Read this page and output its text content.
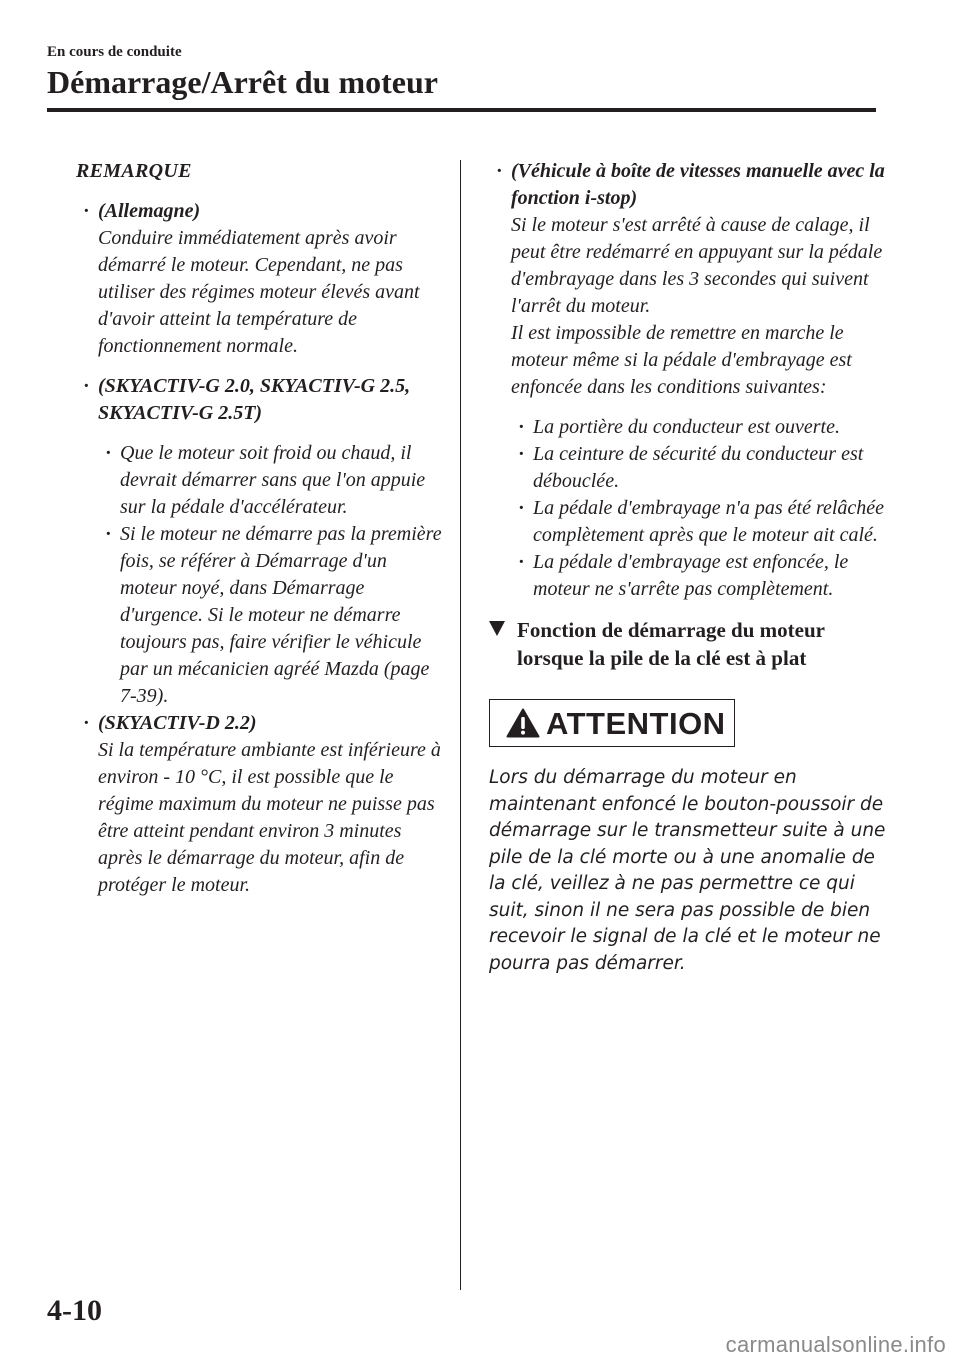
En cours de conduite
Démarrage/Arrêt du moteur
REMARQUE
· (Allemagne)
Conduire immédiatement après avoir démarré le moteur. Cependant, ne pas utiliser des régimes moteur élevés avant d'avoir atteint la température de fonctionnement normale.
· (SKYACTIV-G 2.0, SKYACTIV-G 2.5, SKYACTIV-G 2.5T)
· Que le moteur soit froid ou chaud, il devrait démarrer sans que l'on appuie sur la pédale d'accélérateur.
· Si le moteur ne démarre pas la première fois, se référer à Démarrage d'un moteur noyé, dans Démarrage d'urgence. Si le moteur ne démarre toujours pas, faire vérifier le véhicule par un mécanicien agréé Mazda (page 7-39).
· (SKYACTIV-D 2.2)
Si la température ambiante est inférieure à environ - 10 °C, il est possible que le régime maximum du moteur ne puisse pas être atteint pendant environ 3 minutes après le démarrage du moteur, afin de protéger le moteur.
· (Véhicule à boîte de vitesses manuelle avec la fonction i-stop)
Si le moteur s'est arrêté à cause de calage, il peut être redémarré en appuyant sur la pédale d'embrayage dans les 3 secondes qui suivent l'arrêt du moteur.
Il est impossible de remettre en marche le moteur même si la pédale d'embrayage est enfoncée dans les conditions suivantes:
· La portière du conducteur est ouverte.
· La ceinture de sécurité du conducteur est débouclée.
· La pédale d'embrayage n'a pas été relâchée complètement après que le moteur ait calé.
· La pédale d'embrayage est enfoncée, le moteur ne s'arrête pas complètement.
Fonction de démarrage du moteur lorsque la pile de la clé est à plat
ATTENTION
Lors du démarrage du moteur en maintenant enfoncé le bouton-poussoir de démarrage sur le transmetteur suite à une pile de la clé morte ou à une anomalie de la clé, veillez à ne pas permettre ce qui suit, sinon il ne sera pas possible de bien recevoir le signal de la clé et le moteur ne pourra pas démarrer.
4-10
carmanualsonline.info
